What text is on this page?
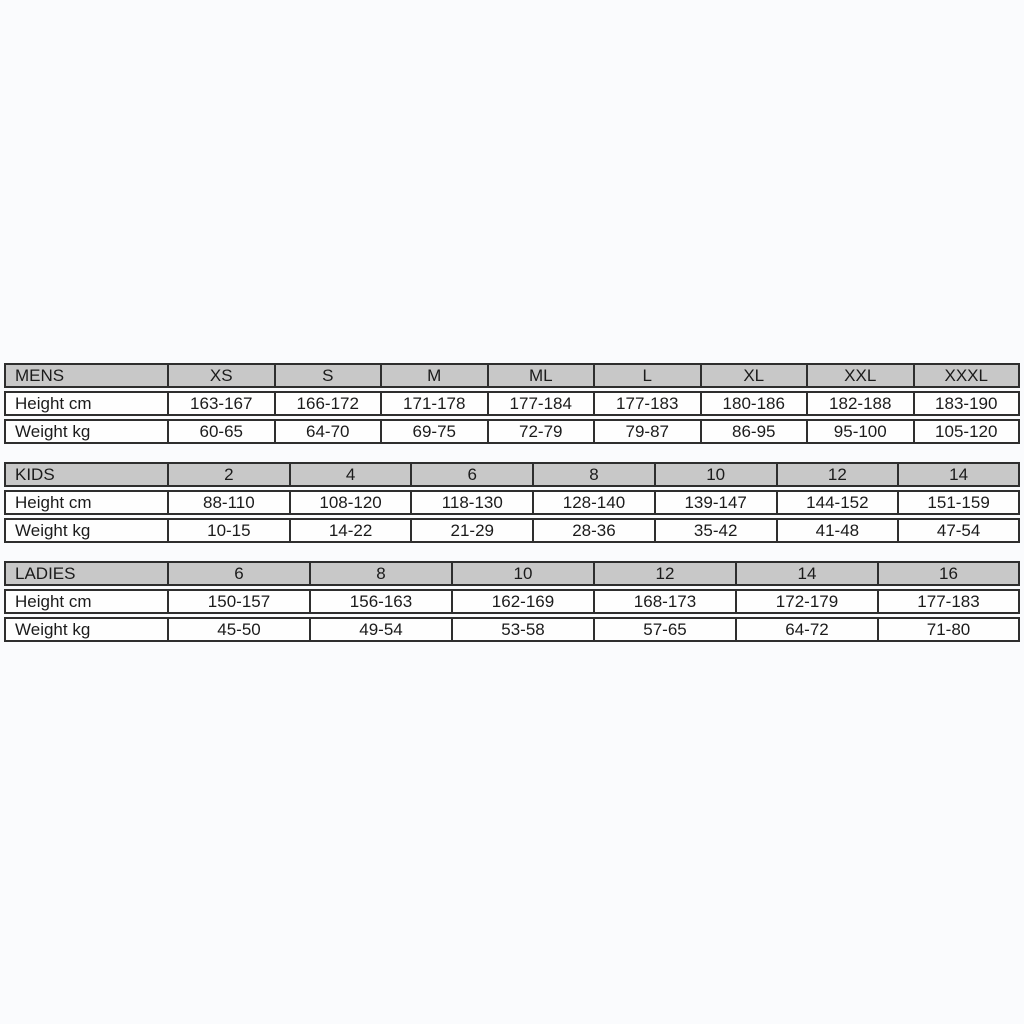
MENS	XS	S	M	ML	L	XL	XXL	XXXL
Height cm	163-167	166-172	171-178	177-184	177-183	180-186	182-188	183-190
Weight kg	60-65	64-70	69-75	72-79	79-87	86-95	95-100	105-120
KIDS	2	4	6	8	10	12	14
Height cm	88-110	108-120	118-130	128-140	139-147	144-152	151-159
Weight kg	10-15	14-22	21-29	28-36	35-42	41-48	47-54
LADIES	6	8	10	12	14	16
Height cm	150-157	156-163	162-169	168-173	172-179	177-183
Weight kg	45-50	49-54	53-58	57-65	64-72	71-80
